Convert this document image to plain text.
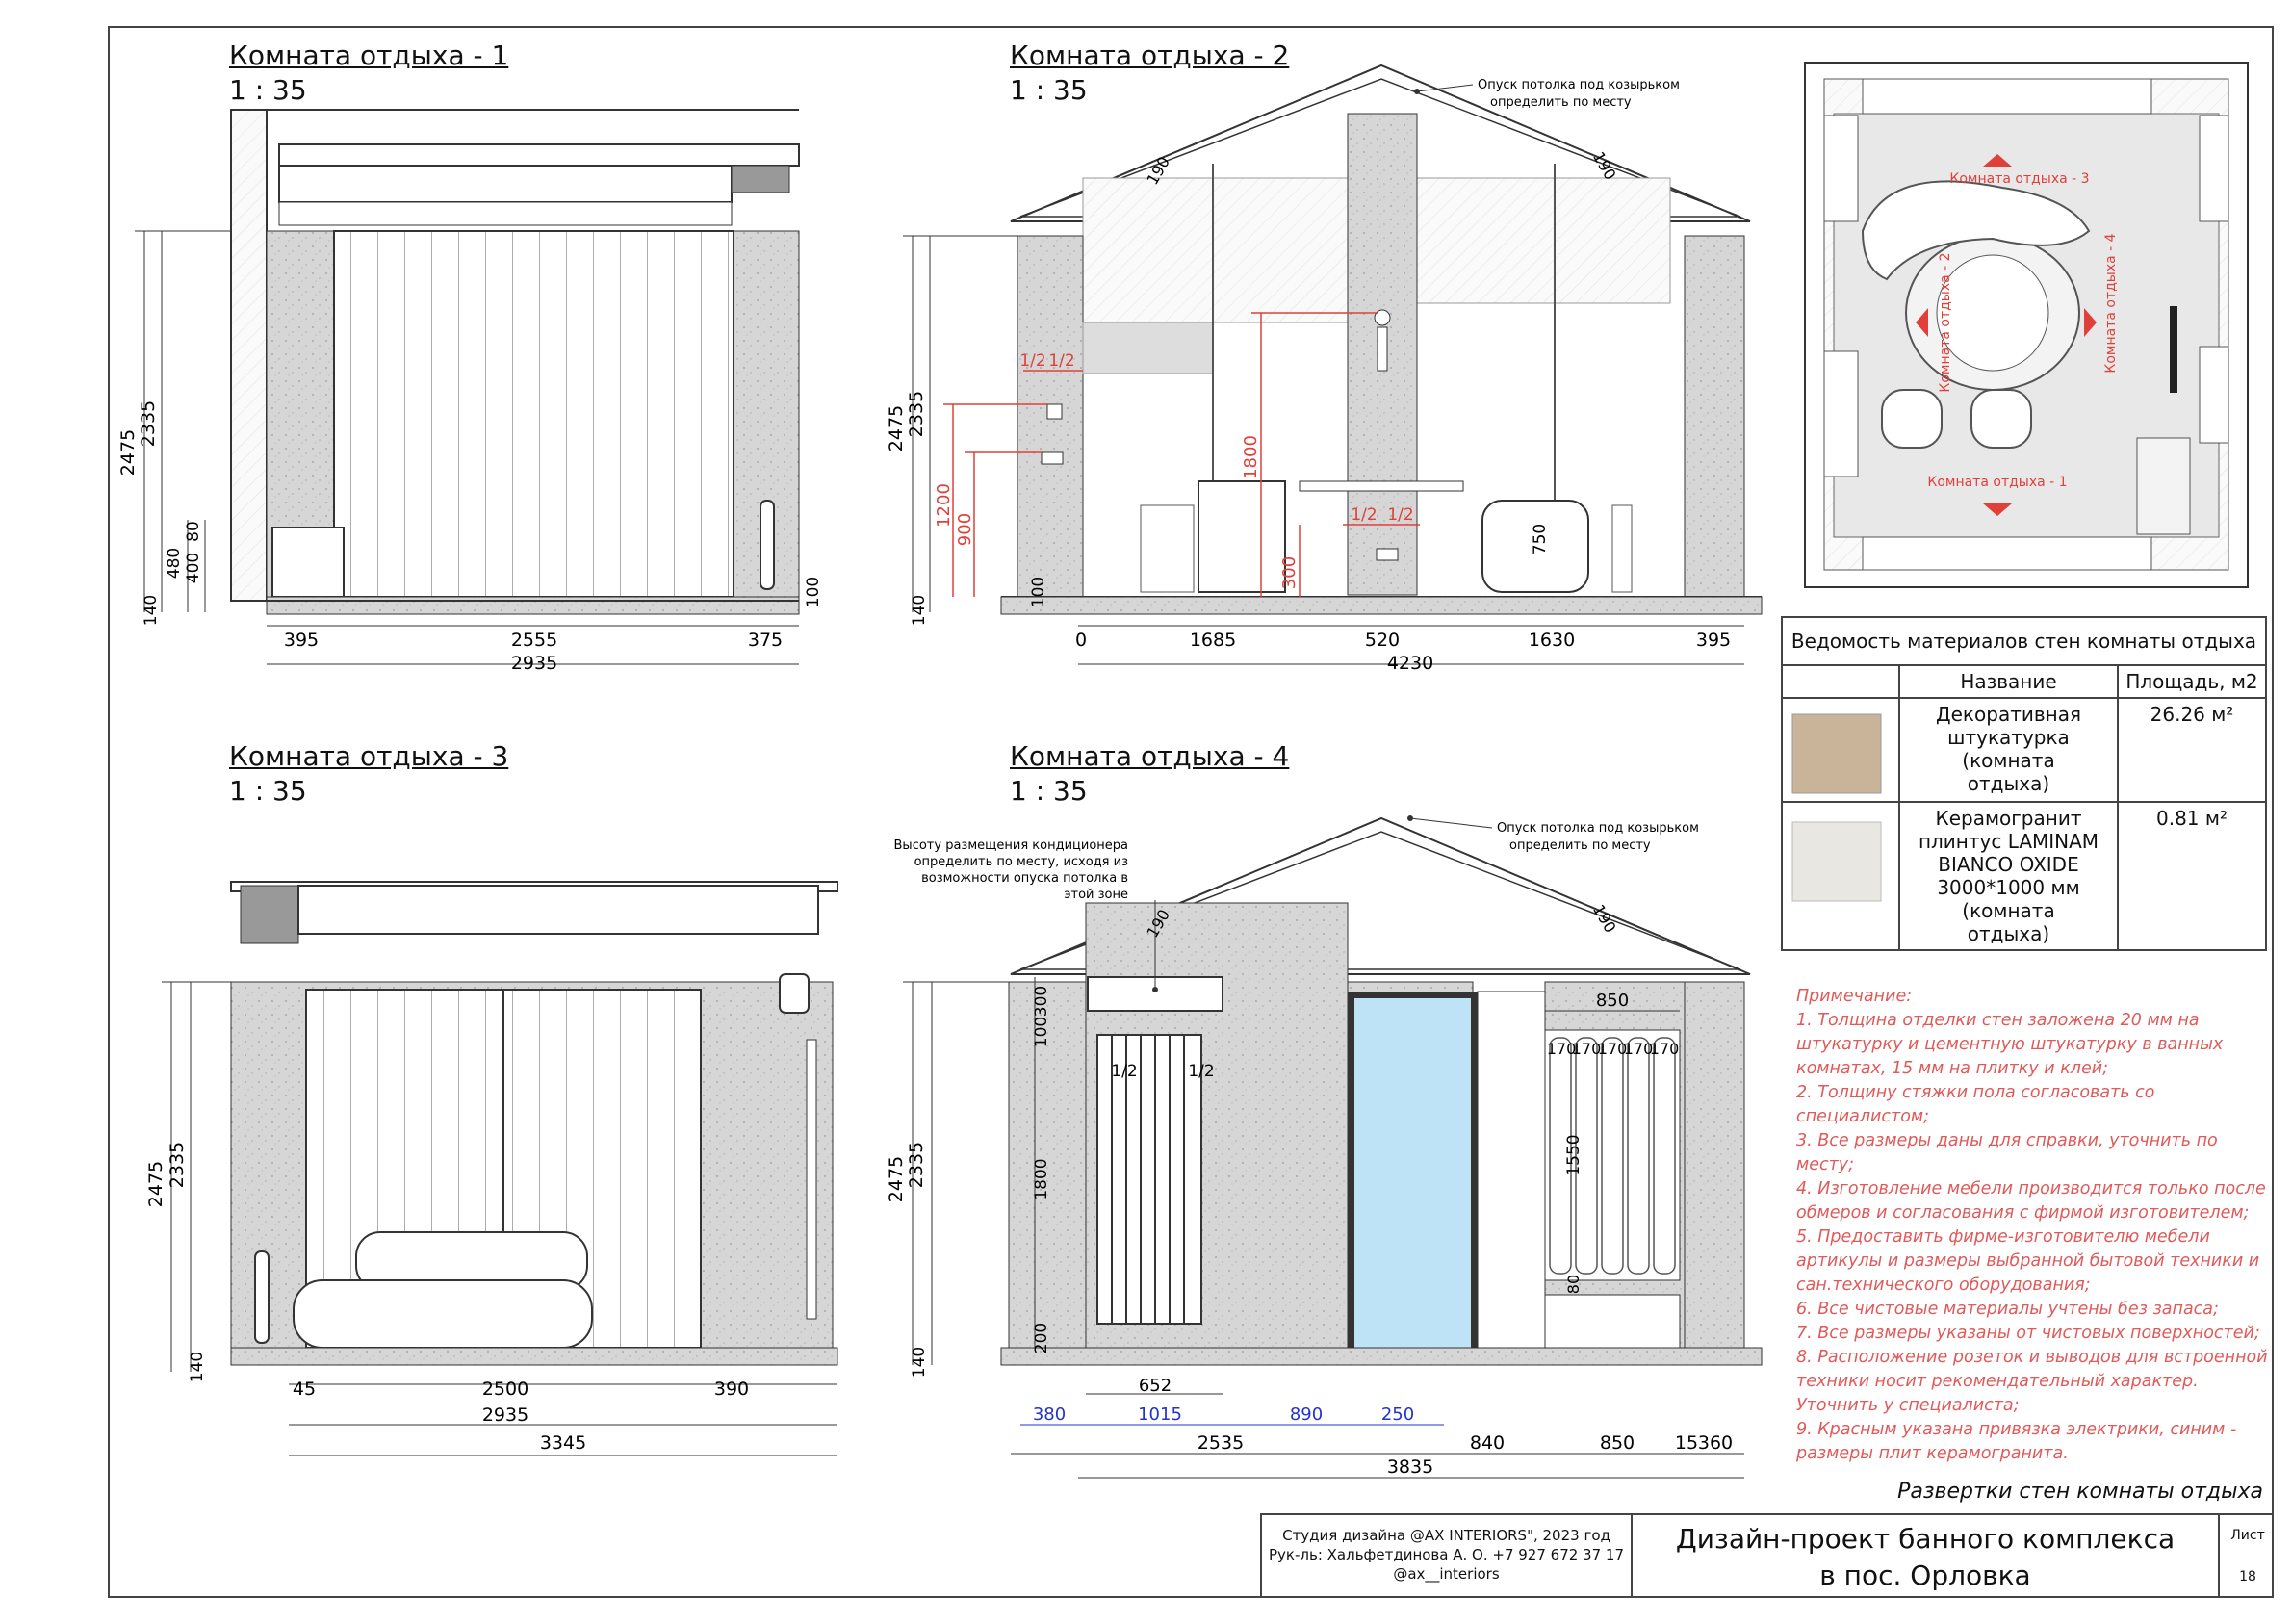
2475
2335
480 400
80
140
100
395	2555	375
2935
1200
900
1800
300
1/2 1/2
1/2 1/2
750
190	190
2475 2335
140
100
0	1685	520	1630	395
4230
Опуск потолка под козырьком
определить по месту
2475 2335
140
45	2500	390
2935
3345
1/2	1/2
850
170
170
170
170
170
1550
80
190	190
2475 2335
140
1800
200
100
300
652
380	1015	890	250
2535	840	850 15 360
3835
Опуск потолка под козырьком
определить по месту
Высоту размещения кондиционера
определить по месту, исходя из
возможности опуска потолка в
этой зоне
Комната отдыха - 1
Комната отдыха - 2
Комната отдыха - 3
Комната отдыха - 4
Комната отдыха - 1
1 : 35
Комната отдыха - 2
1 : 35
Комната отдыха - 3
1 : 35
Комната отдыха - 4
1 : 35
Ведомость материалов стен комнаты отдыха		
	Название	Площадь, м2

	Декоративная
штукатурка (комната
отдыха)	26.26 м²

	Керамогранит
плинтус LAMINAM
BIANCO OXIDE
3000*1000 мм (комната
отдыха)	0.81 м²
Примечание:
1. Толщина отделки стен заложена 20 мм на
штукатурку и цементную штукатурку в ванных
комнатах, 15 мм на плитку и клей;
2. Толщину стяжки пола согласовать со
специалистом;
3. Все размеры даны для справки, уточнить по месту;
4. Изготовление мебели производится только после
обмеров и согласования с фирмой изготовителем;
5. Предоставить фирме-изготовителю мебели
артикулы и размеры выбранной бытовой техники и
сан.технического оборудования;
6. Все чистовые материалы учтены без запаса;
7. Все размеры указаны от чистовых поверхностей;
8. Расположение розеток и выводов для встроенной
техники носит рекомендательный характер.
Уточнить у специалиста;
9. Красным указана привязка электрики, синим -
размеры плит керамогранита.
Развертки стен комнаты отдыха
Студия дизайна @AX INTERIORS", 2023 год
Рук-ль: Хальфетдинова А. О. +7 927 672 37 17
@ax__interiors
Дизайн-проект банного комплекса
в пос. Орловка
Лист
18
